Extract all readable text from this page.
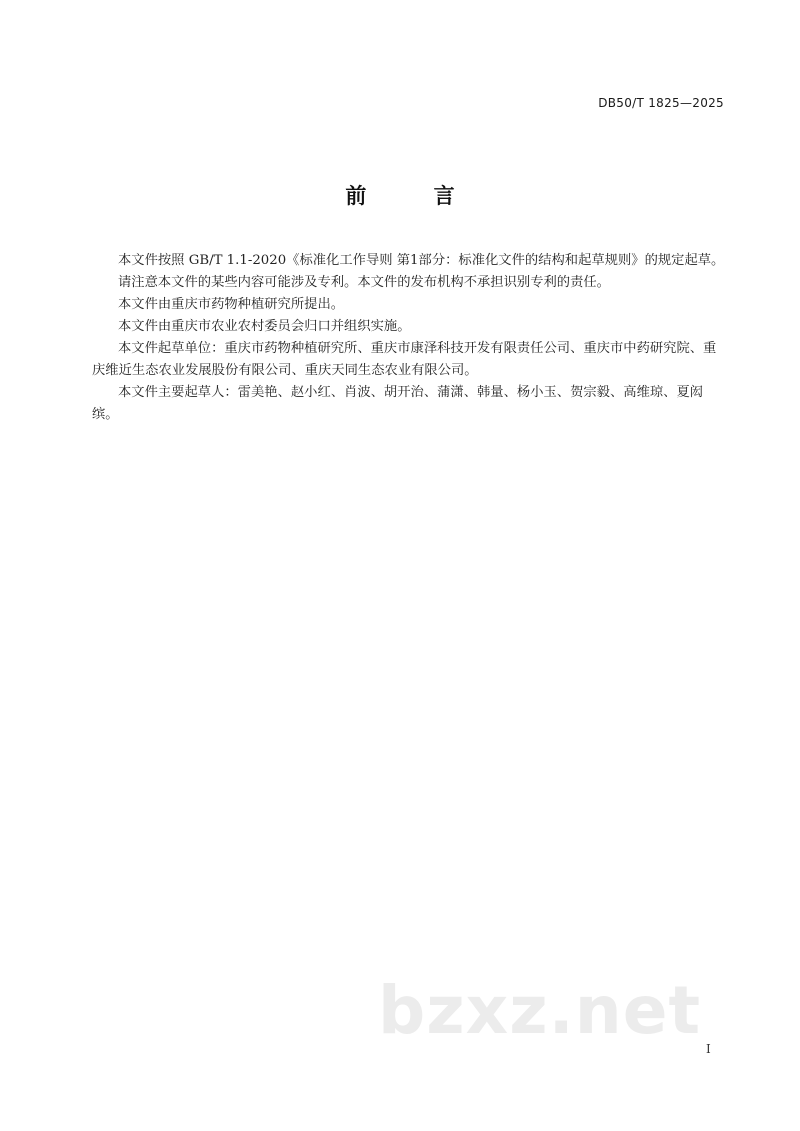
DB50/T 1825—2025
前 言

本文件按照 GB/T 1.1-2020《标准化工作导则 第1部分：标准化文件的结构和起草规则》的规定起草。

请注意本文件的某些内容可能涉及专利。本文件的发布机构不承担识别专利的责任。

本文件由重庆市药物种植研究所提出。

本文件由重庆市农业农村委员会归口并组织实施。

本文件起草单位：重庆市药物种植研究所、重庆市康泽科技开发有限责任公司、重庆市中药研究院、重庆维近生态农业发展股份有限公司、重庆天同生态农业有限公司。

本文件主要起草人：雷美艳、赵小红、肖波、胡开治、蒲潇、韩量、杨小玉、贺宗毅、高维琼、夏闳缤。

bzxz.net I
